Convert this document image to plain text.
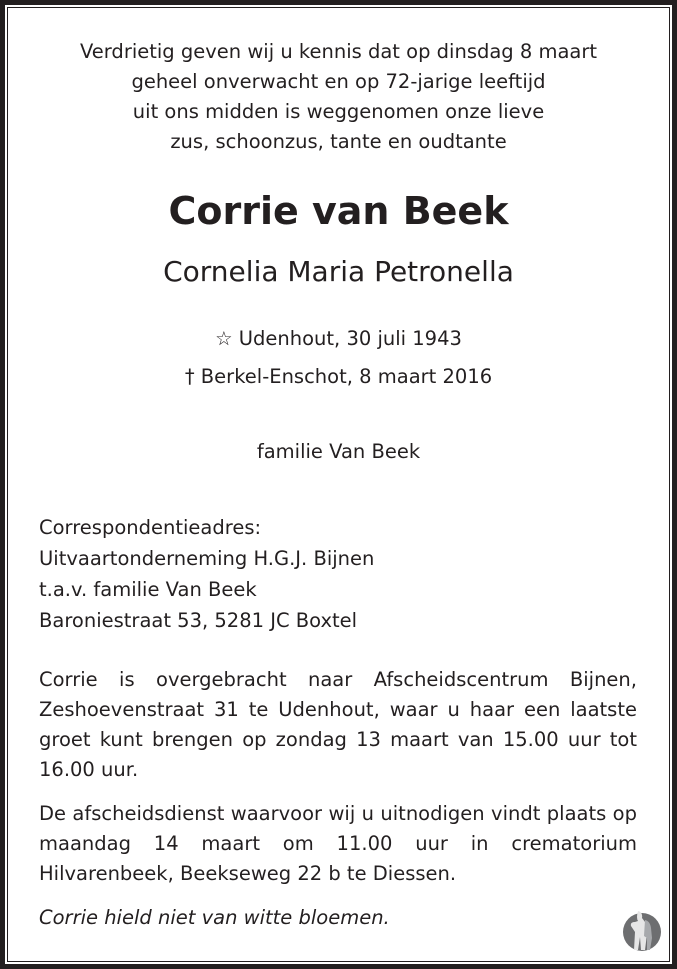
Verdrietig geven wij u kennis dat op dinsdag 8 maart
geheel onverwacht en op 72-jarige leeftijd
uit ons midden is weggenomen onze lieve
zus, schoonzus, tante en oudtante
Corrie van Beek
Cornelia Maria Petronella
☆ Udenhout, 30 juli 1943
† Berkel-Enschot, 8 maart 2016
familie Van Beek
Correspondentieadres:
Uitvaartonderneming H.G.J. Bijnen
t.a.v. familie Van Beek
Baroniestraat 53, 5281 JC Boxtel
Corrie is overgebracht naar Afscheidscentrum Bijnen, Zeshoevenstraat 31 te Udenhout, waar u haar een laatste groet kunt brengen op zondag 13 maart van 15.00 uur tot 16.00 uur.
De afscheidsdienst waarvoor wij u uitnodigen vindt plaats op maandag 14 maart om 11.00 uur in crematorium Hilvarenbeek, Beekseweg 22 b te Diessen.
Corrie hield niet van witte bloemen.
